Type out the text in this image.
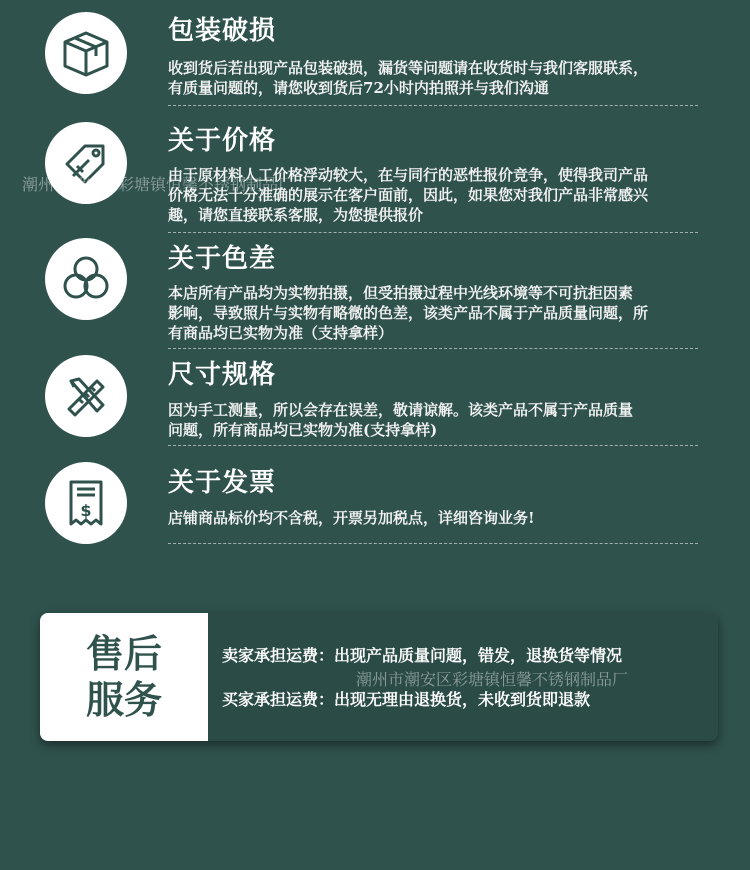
包装破损
收到货后若出现产品包装破损，漏货等问题请在收货时与我们客服联系，
有质量问题的，请您收到货后72小时内拍照并与我们沟通
关于价格
由于原材料人工价格浮动较大，在与同行的恶性报价竞争，使得我司产品
价格无法十分准确的展示在客户面前，因此，如果您对我们产品非常感兴
趣，请您直接联系客服，为您提供报价
关于色差
本店所有产品均为实物拍摄，但受拍摄过程中光线环境等不可抗拒因素
影响，导致照片与实物有略微的色差，该类产品不属于产品质量问题，所
有商品均已实物为准（支持拿样）
尺寸规格
因为手工测量，所以会存在误差，敬请谅解。该类产品不属于产品质量
问题，所有商品均已实物为准(支持拿样)
$
关于发票
店铺商品标价均不含税，开票另加税点，详细咨询业务!
售后
服务
卖家承担运费：出现产品质量问题，错发，退换货等情况
买家承担运费：出现无理由退换货，未收到货即退款
潮州市潮安区彩塘镇恒馨不锈钢制品厂
潮州市潮安区彩塘镇恒馨不锈钢制品厂
